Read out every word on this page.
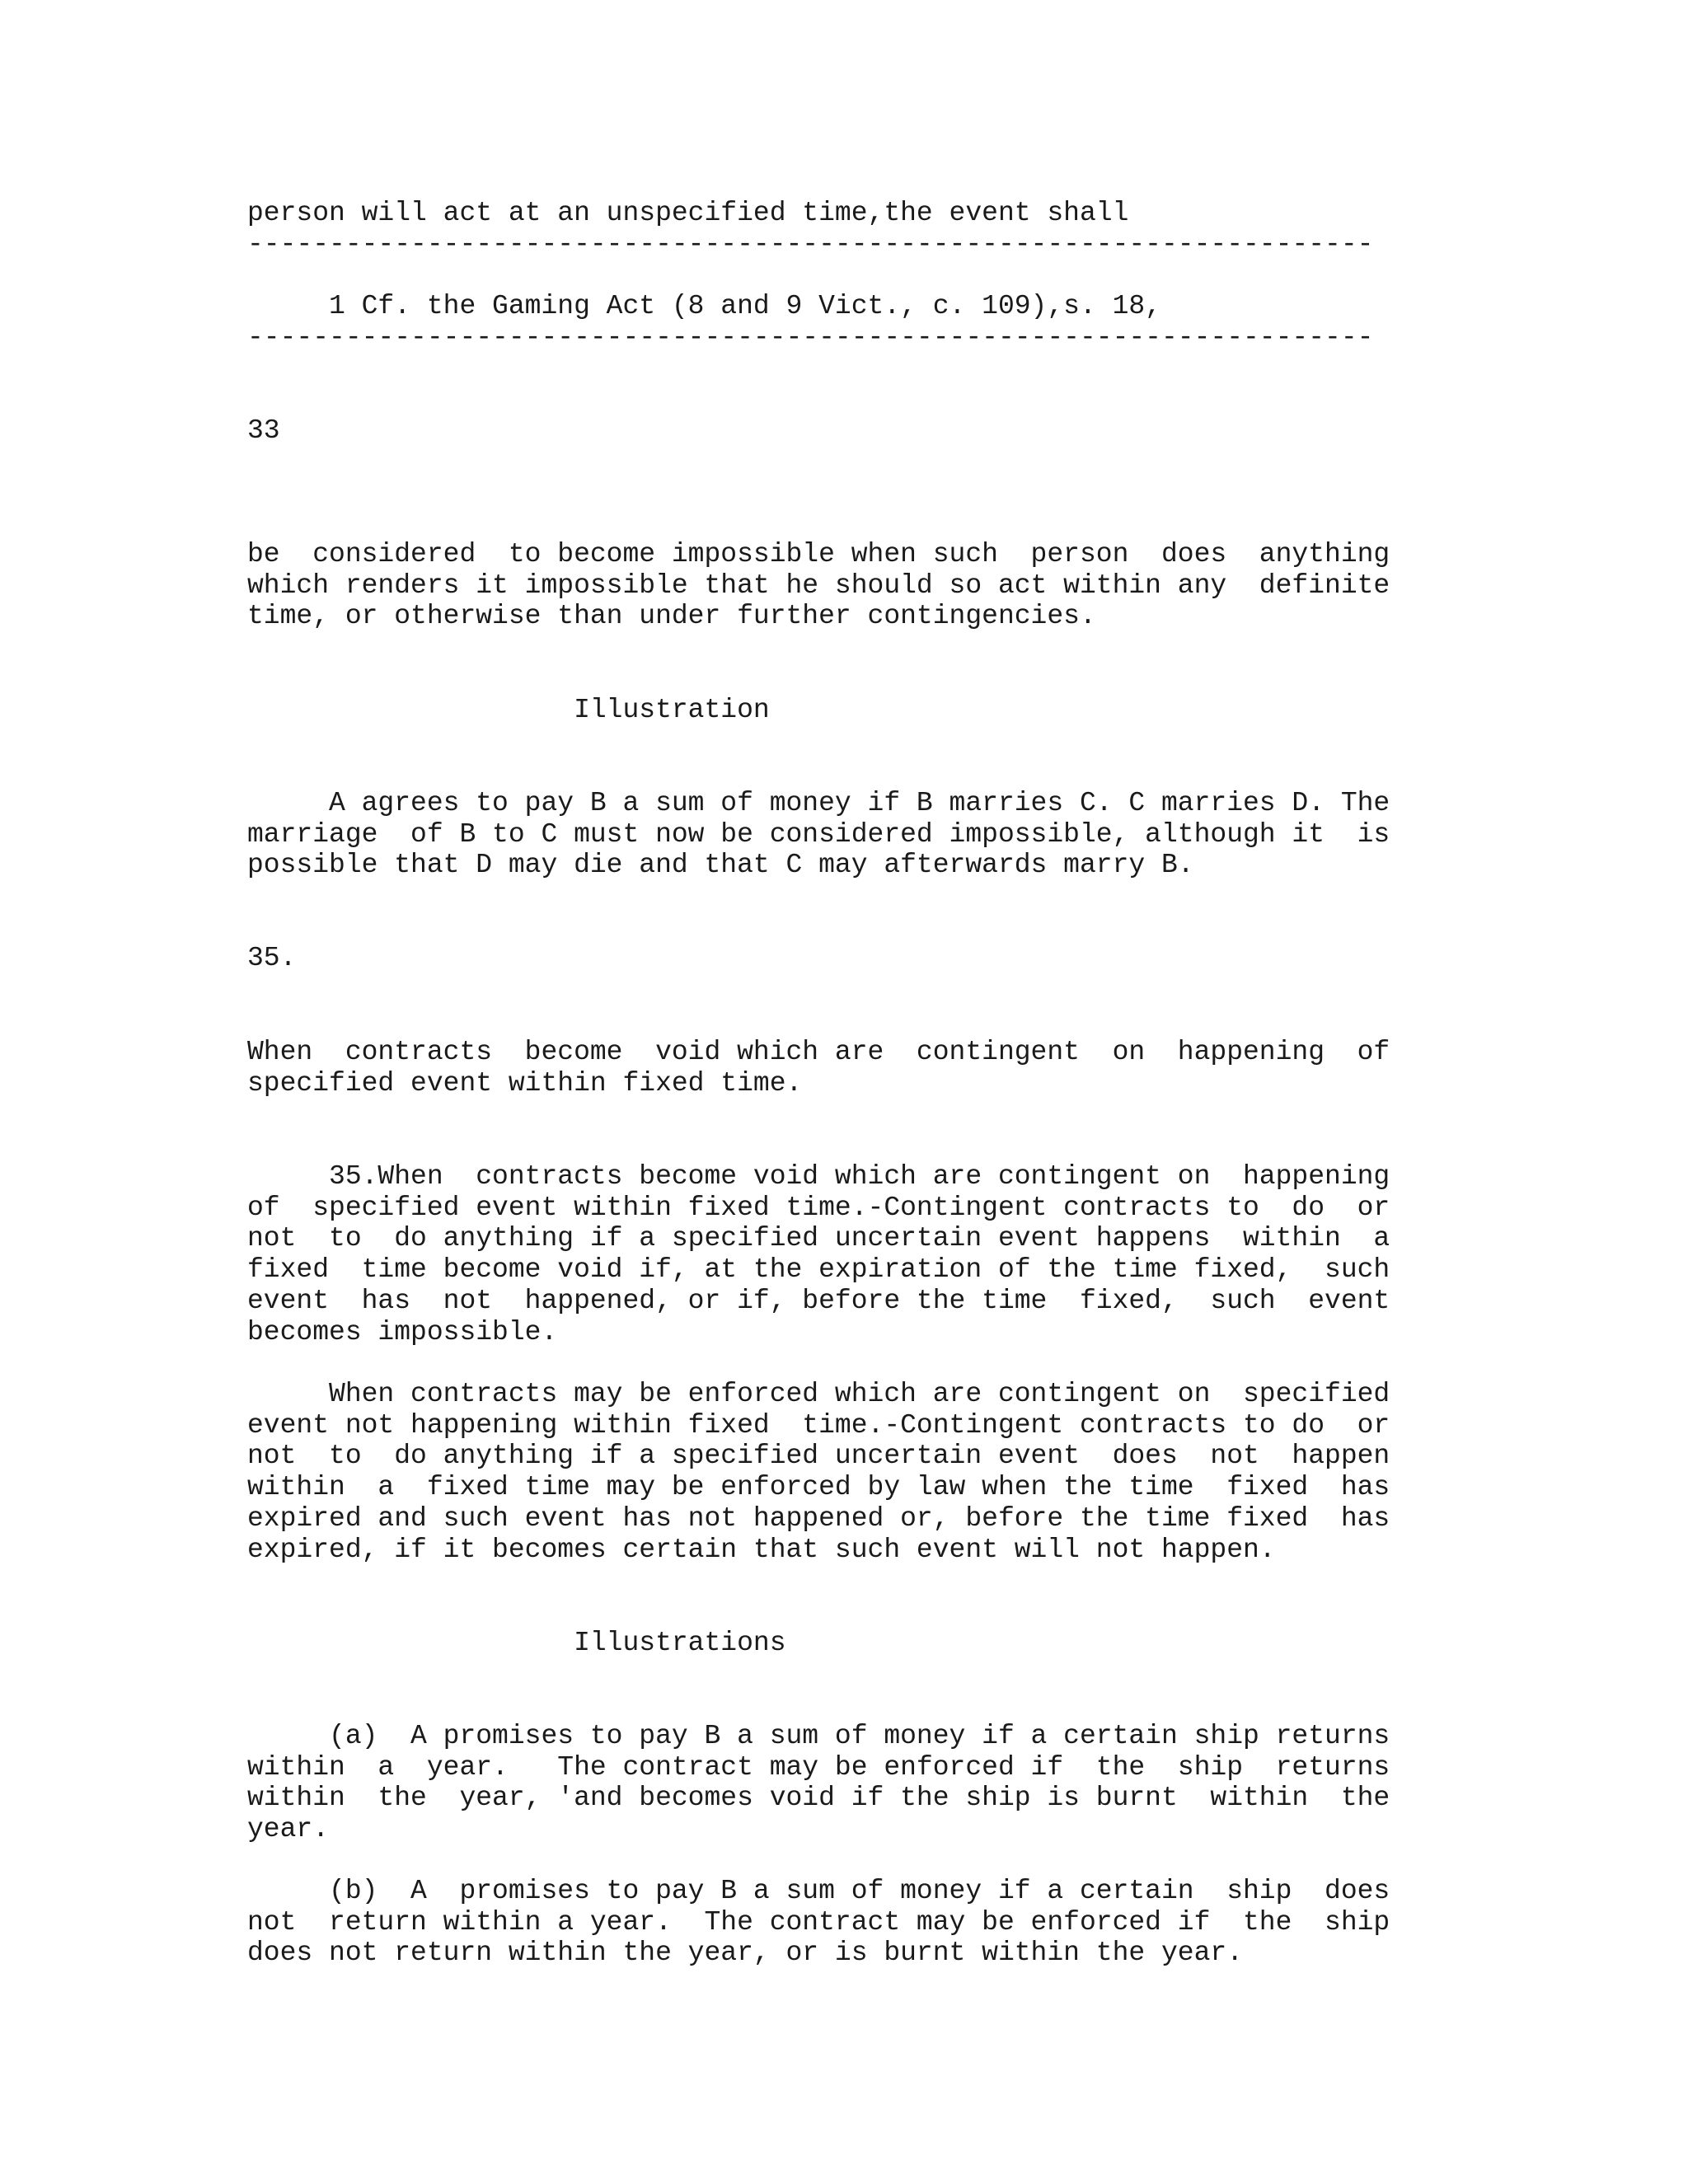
person will act at an unspecified time,the event shall
---------------------------------------------------------------------
1 Cf. the Gaming Act (8 and 9 Vict., c. 109),s. 18,
---------------------------------------------------------------------
33
be  considered  to become impossible when such  person  does  anything
which renders it impossible that he should so act within any  definite
time, or otherwise than under further contingencies.
Illustration
A agrees to pay B a sum of money if B marries C. C marries D. The
marriage  of B to C must now be considered impossible, although it  is
possible that D may die and that C may afterwards marry B.
35.
When  contracts  become  void which are  contingent  on  happening  of
specified event within fixed time.
35.When  contracts become void which are contingent on  happening
of  specified event within fixed time.-Contingent contracts to  do  or
not  to  do anything if a specified uncertain event happens  within  a
fixed  time become void if, at the expiration of the time fixed,  such
event  has  not  happened, or if, before the time  fixed,  such  event
becomes impossible.
When contracts may be enforced which are contingent on  specified
event not happening within fixed  time.-Contingent contracts to do  or
not  to  do anything if a specified uncertain event  does  not  happen
within  a  fixed time may be enforced by law when the time  fixed  has
expired and such event has not happened or, before the time fixed  has
expired, if it becomes certain that such event will not happen.
Illustrations
(a)  A promises to pay B a sum of money if a certain ship returns
within  a  year.   The contract may be enforced if  the  ship  returns
within  the  year, 'and becomes void if the ship is burnt  within  the
year.
(b)  A  promises to pay B a sum of money if a certain  ship  does
not  return within a year.  The contract may be enforced if  the  ship
does not return within the year, or is burnt within the year.
